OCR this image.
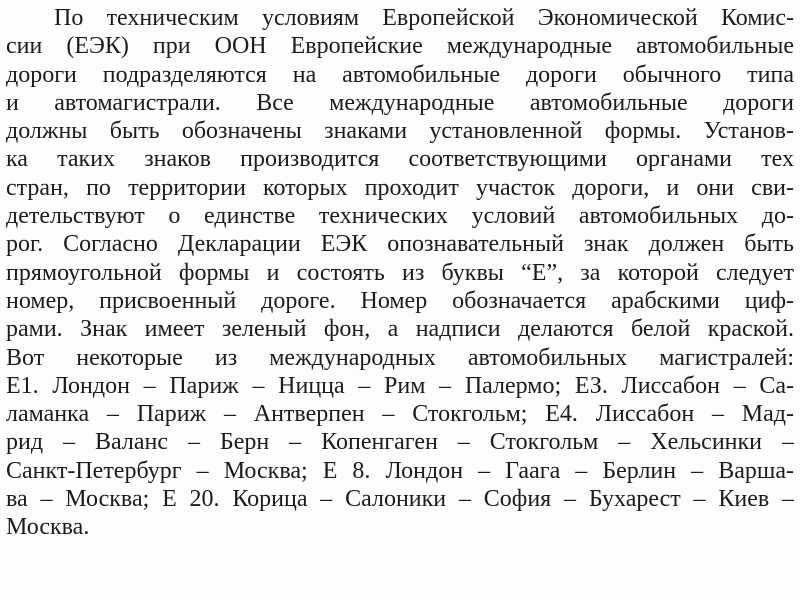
По техническим условиям Европейской Экономической Комис-
сии (ЕЭК) при ООН Европейские международные автомобильные
дороги подразделяются на автомобильные дороги обычного типа
и автомагистрали. Все международные автомобильные дороги
должны быть обозначены знаками установленной формы. Установ-
ка таких знаков производится соответствующими органами тех
стран, по территории которых проходит участок дороги, и они сви-
детельствуют о единстве технических условий автомобильных до-
рог. Согласно Декларации ЕЭК опознавательный знак должен быть
прямоугольной формы и состоять из буквы “Е”, за которой следует
номер, присвоенный дороге. Номер обозначается арабскими циф-
рами. Знак имеет зеленый фон, а надписи делаются белой краской.
Вот некоторые из международных автомобильных магистралей:
Е1. Лондон – Париж – Ницца – Рим – Палермо; ЕЗ. Лиссабон – Са-
ламанка – Париж – Антверпен – Стокгольм; Е4. Лиссабон – Мад-
рид – Валанс – Берн – Копенгаген – Стокгольм – Хельсинки –
Санкт-Петербург – Москва; Е 8. Лондон – Гаага – Берлин – Варша-
ва – Москва; Е 20. Корица – Салоники – София – Бухарест – Киев –
Москва.
